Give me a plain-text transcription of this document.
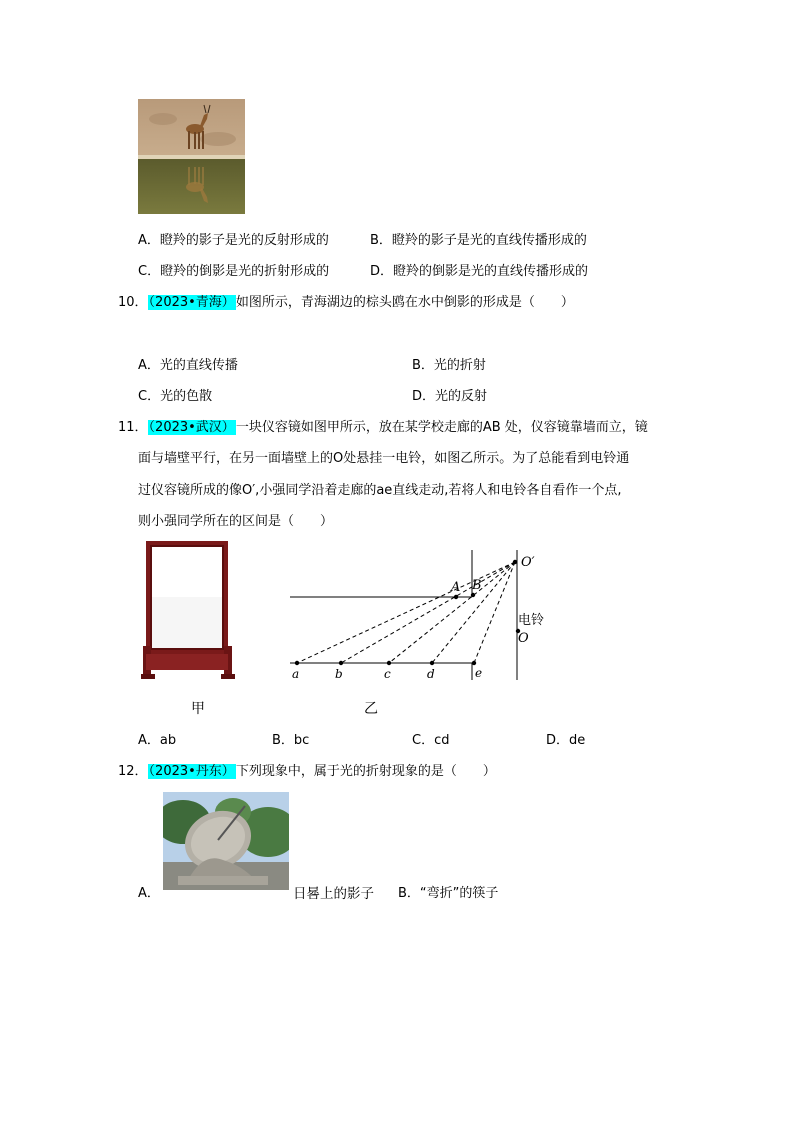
A．瞪羚的影子是光的反射形成的	B．瞪羚的影子是光的直线传播形成的
C．瞪羚的倒影是光的折射形成的	D．瞪羚的倒影是光的直线传播形成的
10．（2023•青海）如图所示，青海湖边的棕头鸥在水中倒影的形成是（　　）
A．光的直线传播	B．光的折射
C．光的色散	D．光的反射
11．（2023•武汉）一块仪容镜如图甲所示，放在某学校走廊的AB 处，仪容镜靠墙而立，镜
面与墙壁平行，在另一面墙壁上的O处悬挂一电铃，如图乙所示。为了总能看到电铃通
过仪容镜所成的像O′,小强同学沿着走廊的ae直线走动,若将人和电铃各自看作一个点,
则小强同学所在的区间是（　　）
O′
A B
电铃
O
a	b	c	d	e
甲	乙
A．ab	B．bc	C．cd	D．de
12．（2023•丹东）下列现象中，属于光的折射现象的是（　　）
A．	日晷上的影子 B．“弯折”的筷子
